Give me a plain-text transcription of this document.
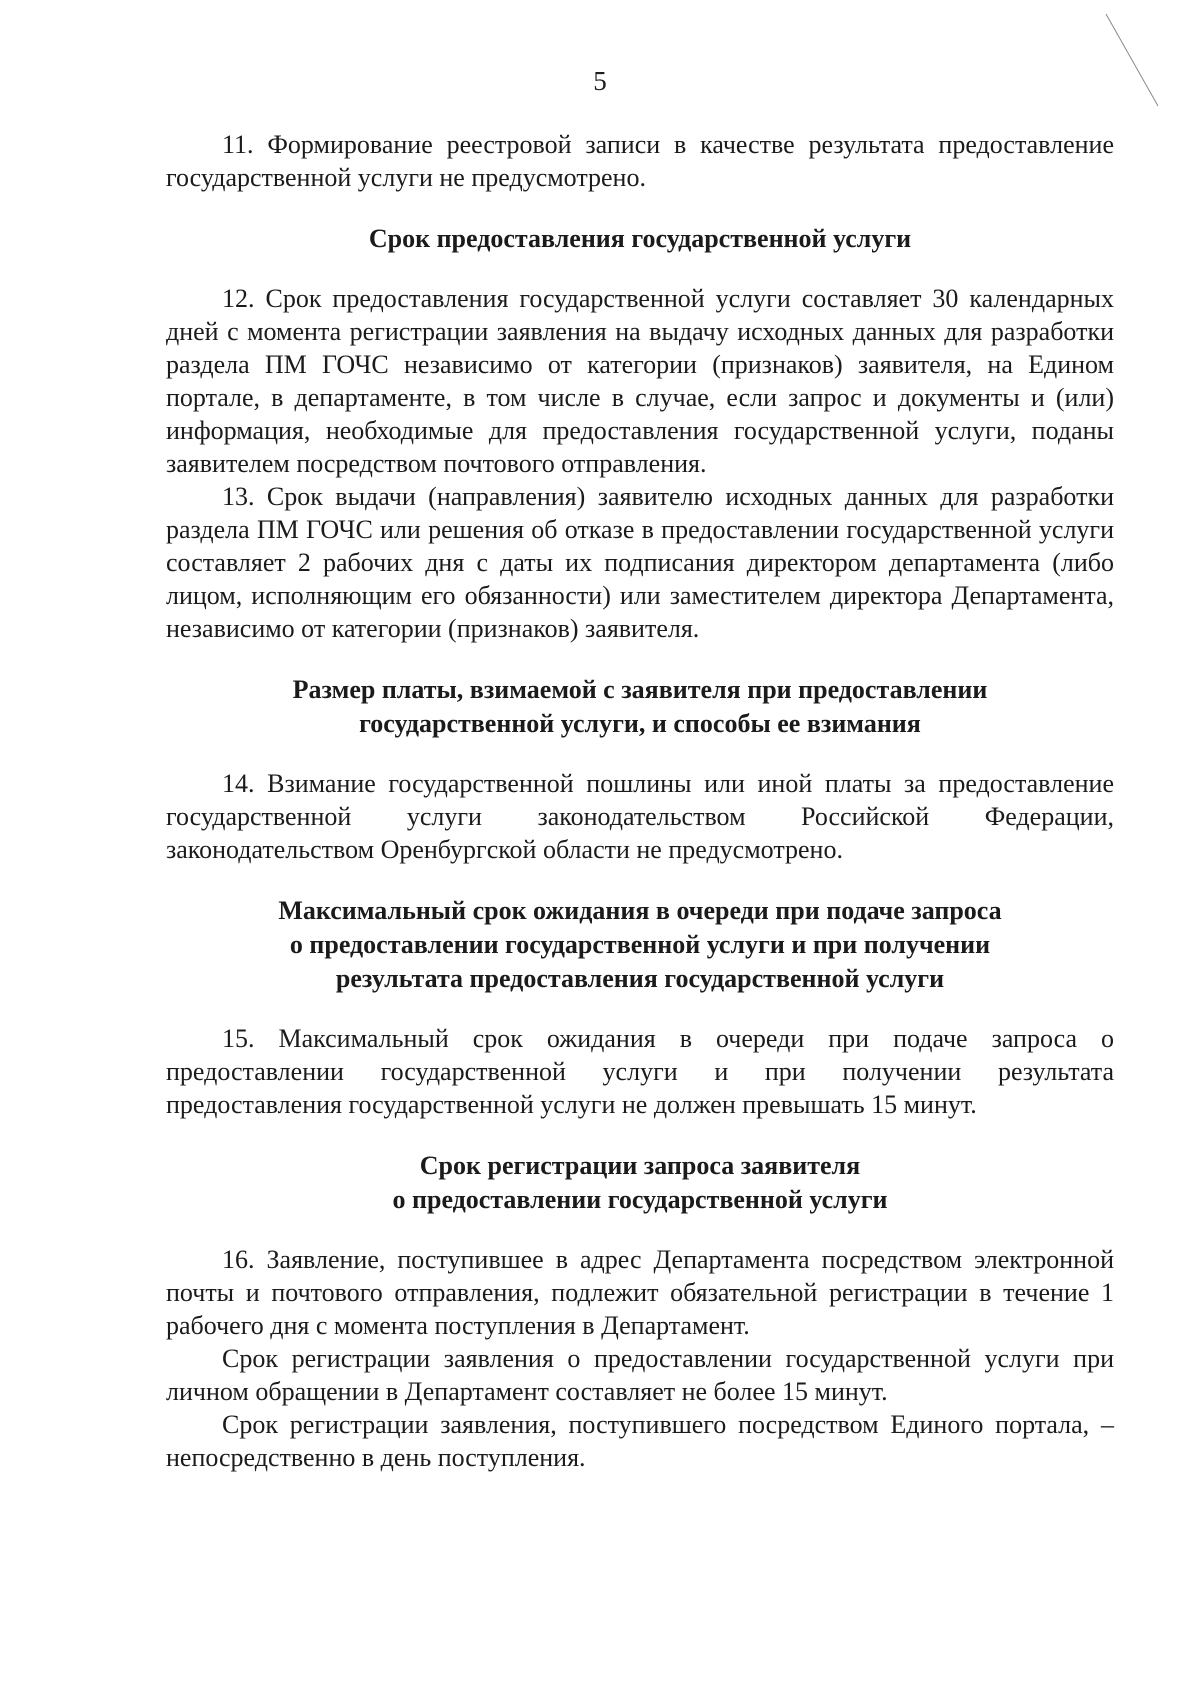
5

11. Формирование реестровой записи в качестве результата предоставление государственной услуги не предусмотрено.

Срок предоставления государственной услуги

12. Срок предоставления государственной услуги составляет 30 календарных дней с момента регистрации заявления на выдачу исходных данных для разработки раздела ПМ ГОЧС независимо от категории (признаков) заявителя, на Едином портале, в департаменте, в том числе в случае, если запрос и документы и (или) информация, необходимые для предоставления государственной услуги, поданы заявителем посредством почтового отправления.

13. Срок выдачи (направления) заявителю исходных данных для разработки раздела ПМ ГОЧС или решения об отказе в предоставлении государственной услуги составляет 2 рабочих дня с даты их подписания директором департамента (либо лицом, исполняющим его обязанности) или заместителем директора Департамента, независимо от категории (признаков) заявителя.

Размер платы, взимаемой с заявителя при предоставлении
государственной услуги, и способы ее взимания

14. Взимание государственной пошлины или иной платы за предоставление государственной услуги законодательством Российской Федерации, законодательством Оренбургской области не предусмотрено.

Максимальный срок ожидания в очереди при подаче запроса
о предоставлении государственной услуги и при получении
результата предоставления государственной услуги

15. Максимальный срок ожидания в очереди при подаче запроса о предоставлении государственной услуги и при получении результата предоставления государственной услуги не должен превышать 15 минут.

Срок регистрации запроса заявителя
о предоставлении государственной услуги

16. Заявление, поступившее в адрес Департамента посредством электронной почты и почтового отправления, подлежит обязательной регистрации в течение 1 рабочего дня с момента поступления в Департамент.

Срок регистрации заявления о предоставлении государственной услуги при личном обращении в Департамент составляет не более 15 минут.

Срок регистрации заявления, поступившего посредством Единого портала, – непосредственно в день поступления.
